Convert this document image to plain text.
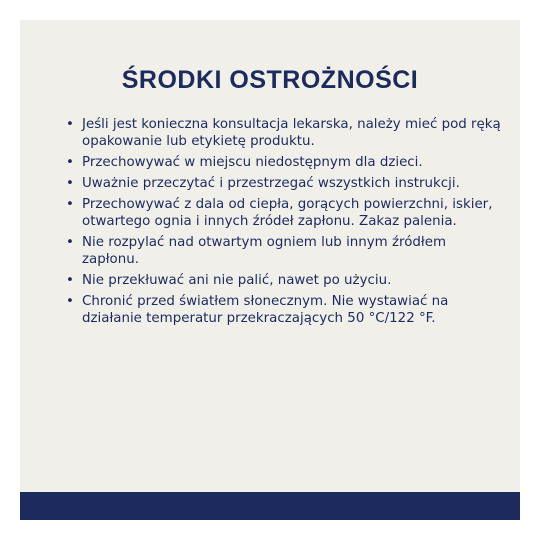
ŚRODKI OSTROŻNOŚCI
• Jeśli jest konieczna konsultacja lekarska, należy mieć pod ręką opakowanie lub etykietę produktu.
• Przechowywać w miejscu niedostępnym dla dzieci.
• Uważnie przeczytać i przestrzegać wszystkich instrukcji.
• Przechowywać z dala od ciepła, gorących powierzchni, iskier, otwartego ognia i innych źródeł zapłonu. Zakaz palenia.
• Nie rozpylać nad otwartym ogniem lub innym źródłem zapłonu.
• Nie przekłuwać ani nie palić, nawet po użyciu.
• Chronić przed światłem słonecznym. Nie wystawiać na działanie temperatur przekraczających 50 °C/122 °F.
